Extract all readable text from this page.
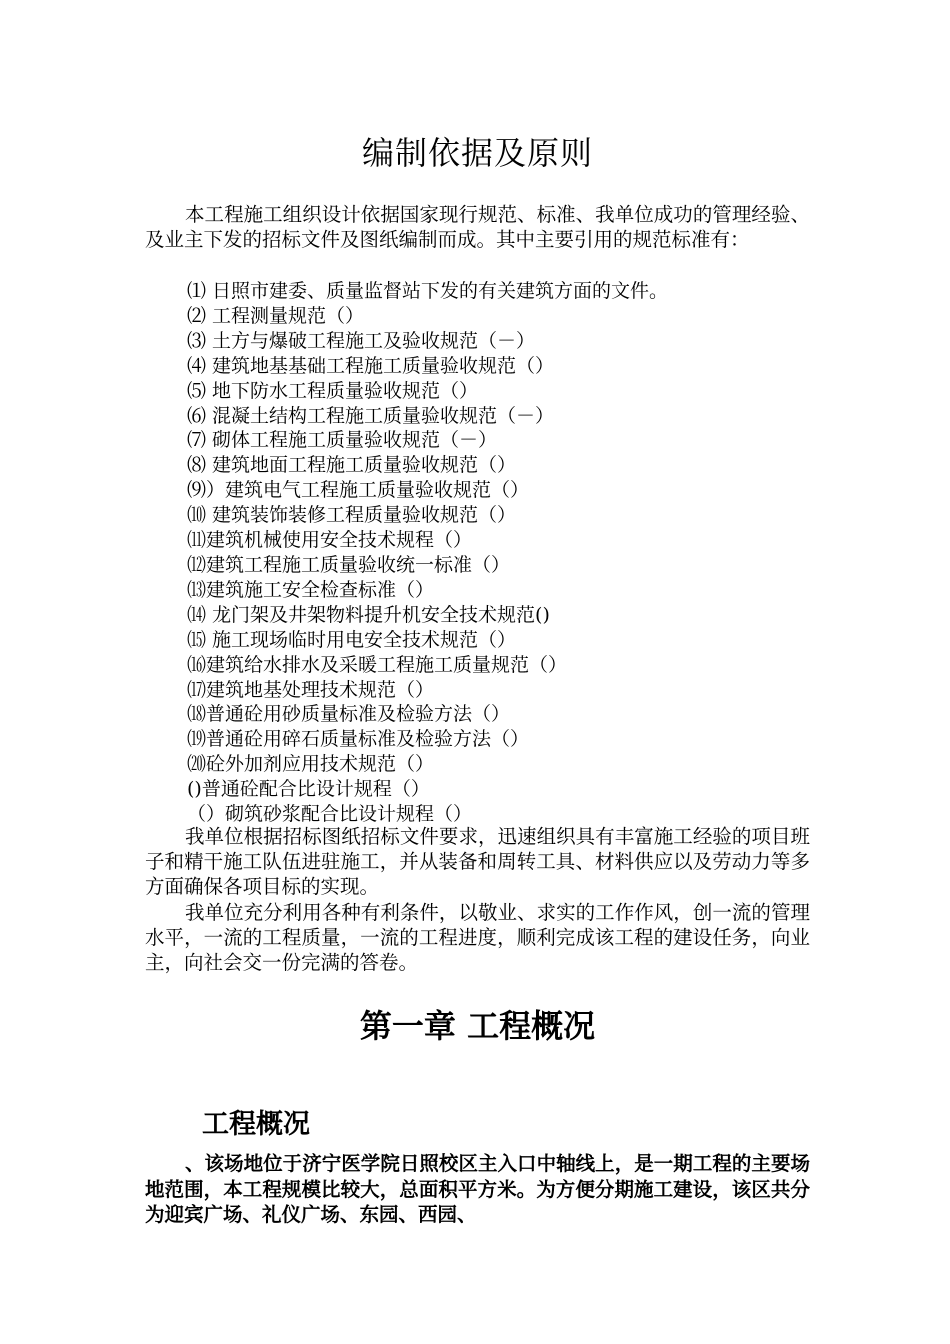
编制依据及原则
本工程施工组织设计依据国家现行规范、标准、我单位成功的管理经验、及业主下发的招标文件及图纸编制而成。其中主要引用的规范标准有：
⑴ 日照市建委、质量监督站下发的有关建筑方面的文件。
⑵ 工程测量规范（）
⑶ 土方与爆破工程施工及验收规范（－）
⑷ 建筑地基基础工程施工质量验收规范（）
⑸ 地下防水工程质量验收规范（）
⑹ 混凝土结构工程施工质量验收规范（－）
⑺ 砌体工程施工质量验收规范（－）
⑻ 建筑地面工程施工质量验收规范（）
⑼）建筑电气工程施工质量验收规范（）
⑽ 建筑装饰装修工程质量验收规范（）
⑾建筑机械使用安全技术规程（）
⑿建筑工程施工质量验收统一标准（）
⒀建筑施工安全检查标准（）
⒁ 龙门架及井架物料提升机安全技术规范()
⒂ 施工现场临时用电安全技术规范（）
⒃建筑给水排水及采暖工程施工质量规范（）
⒄建筑地基处理技术规范（）
⒅普通砼用砂质量标准及检验方法（）
⒆普通砼用碎石质量标准及检验方法（）
⒇砼外加剂应用技术规范（）
()普通砼配合比设计规程（）
（）砌筑砂浆配合比设计规程（）
我单位根据招标图纸招标文件要求，迅速组织具有丰富施工经验的项目班子和精干施工队伍进驻施工，并从装备和周转工具、材料供应以及劳动力等多方面确保各项目标的实现。
我单位充分利用各种有利条件，以敬业、求实的工作作风，创一流的管理水平，一流的工程质量，一流的工程进度，顺利完成该工程的建设任务，向业主，向社会交一份完满的答卷。
第一章 工程概况
工程概况
、该场地位于济宁医学院日照校区主入口中轴线上，是一期工程的主要场地范围，本工程规模比较大，总面积平方米。为方便分期施工建设，该区共分为迎宾广场、礼仪广场、东园、西园、
